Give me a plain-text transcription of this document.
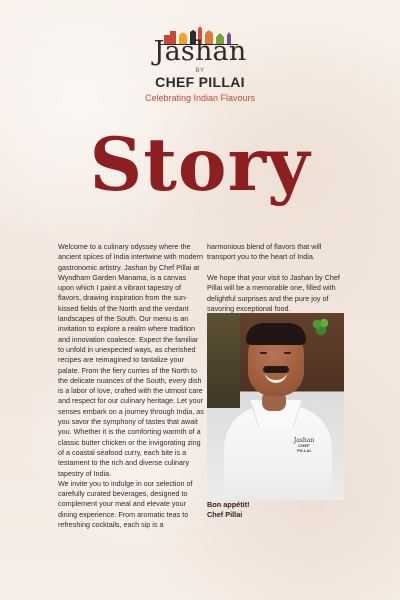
Jashan
BY
CHEF PILLAI
Celebrating Indian Flavours
Story
Welcome to a culinary odyssey where the ancient spices of India intertwine with modern gastronomic artistry. Jashan by Chef Pillai at Wyndham Garden Manama, is a canvas upon which I paint a vibrant tapestry of flavors, drawing inspiration from the sun-kissed fields of the North and the verdant landscapes of the South. Our menu is an invitation to explore a realm where tradition and innovation coalesce. Expect the familiar to unfold in unexpected ways, as cherished recipes are reimagined to tantalize your palate. From the fiery curries of the North to the delicate nuances of the South, every dish is a labor of love, crafted with the utmost care and respect for our culinary heritage. Let your senses embark on a journey through India, as you savor the symphony of tastes that await you. Whether it is the comforting warmth of a classic butter chicken or the invigorating zing of a coastal seafood curry, each bite is a testament to the rich and diverse culinary tapestry of India.
We invite you to indulge in our selection of carefully curated beverages, designed to complement your meal and elevate your dining experience. From aromatic teas to refreshing cocktails, each sip is a
harmonious blend of flavors that will transport you to the heart of India.
We hope that your visit to Jashan by Chef Pillai will be a memorable one, filled with delightful surprises and the pure joy of savoring exceptional food.
Jashan
CHEF PILLAI
Bon appétit!
Chef Pillai
